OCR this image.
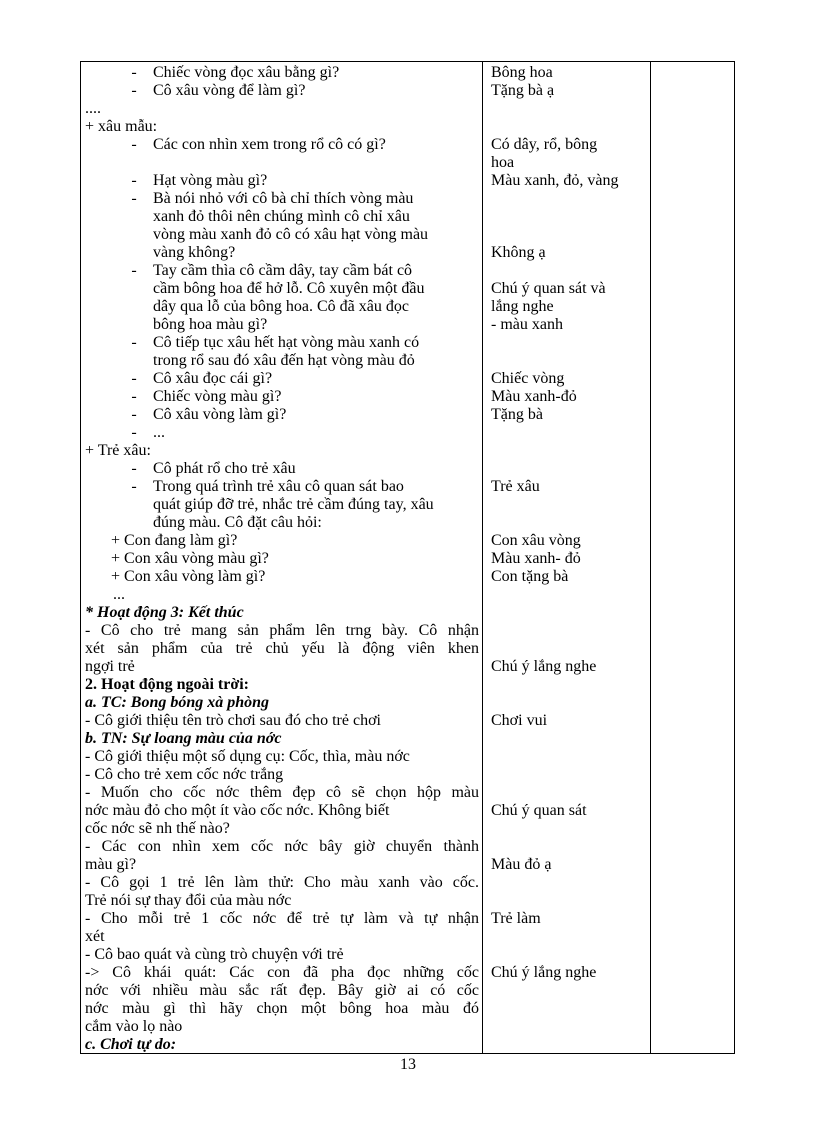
- Chiếc vòng đọc xâu bằng gì?
- Cô xâu vòng để làm gì?
....
+ xâu mẫu:
- Các con nhìn xem trong rổ cô có gì?
- Hạt vòng màu gì?
- Bà nói nhỏ với cô bà chỉ thích vòng màu
xanh đỏ thôi nên chúng mình cô chỉ xâu
vòng màu xanh đỏ cô có xâu hạt vòng màu
vàng không?
- Tay cầm thìa cô cầm dây, tay cầm bát cô
cầm bông hoa để hở lỗ. Cô xuyên một đầu
dây qua lỗ của bông hoa. Cô đã xâu đọc
bông hoa màu gì?
- Cô tiếp tục xâu hết hạt vòng màu xanh có
trong rổ sau đó xâu đến hạt vòng màu đỏ
- Cô xâu đọc cái gì?
- Chiếc vòng màu gì?
- Cô xâu vòng làm gì?
- ...
+ Trẻ xâu:
- Cô phát rổ cho trẻ xâu
- Trong quá trình trẻ xâu cô quan sát bao
quát giúp đỡ trẻ, nhắc trẻ cầm đúng tay, xâu
đúng màu. Cô đặt câu hỏi:
+ Con đang làm gì?
+ Con xâu vòng màu gì?
+ Con xâu vòng làm gì?
...
* Hoạt động 3: Kết thúc
- Cô cho trẻ mang sản phẩm lên trng bày. Cô nhận
xét sản phẩm của trẻ chủ yếu là động viên khen
ngợi trẻ
2. Hoạt động ngoài trời:
a. TC: Bong bóng xà phòng
- Cô giới thiệu tên trò chơi sau đó cho trẻ chơi
b. TN: Sự loang màu của nớc
- Cô giới thiệu một số dụng cụ: Cốc, thìa, màu nớc
- Cô cho trẻ xem cốc nớc trắng
- Muốn cho cốc nớc thêm đẹp cô sẽ chọn hộp màu
nớc màu đỏ cho một ít vào cốc nớc. Không biết
cốc nớc sẽ nh thế nào?
- Các con nhìn xem cốc nớc bây giờ chuyển thành
màu gì?
- Cô gọi 1 trẻ lên làm thử: Cho màu xanh vào cốc.
Trẻ nói sự thay đổi của màu nớc
- Cho mỗi trẻ 1 cốc nớc để trẻ tự làm và tự nhận
xét
- Cô bao quát và cùng trò chuyện với trẻ
-> Cô khái quát: Các con đã pha đọc những cốc
nớc với nhiều màu sắc rất đẹp. Bây giờ ai có cốc
nớc màu gì thì hãy chọn một bông hoa màu đó
cắm vào lọ nào
c. Chơi tự do:
Bông hoa
Tặng bà ạ
Có dây, rổ, bông
hoa
Màu xanh, đỏ, vàng
Không ạ
Chú ý quan sát và
lắng nghe
- màu xanh
Chiếc vòng
Màu xanh-đỏ
Tặng bà
Trẻ xâu
Con xâu vòng
Màu xanh- đỏ
Con tặng bà
Chú ý lắng nghe
Chơi vui
Chú ý quan sát
Màu đỏ ạ
Trẻ làm
Chú ý lắng nghe
13
